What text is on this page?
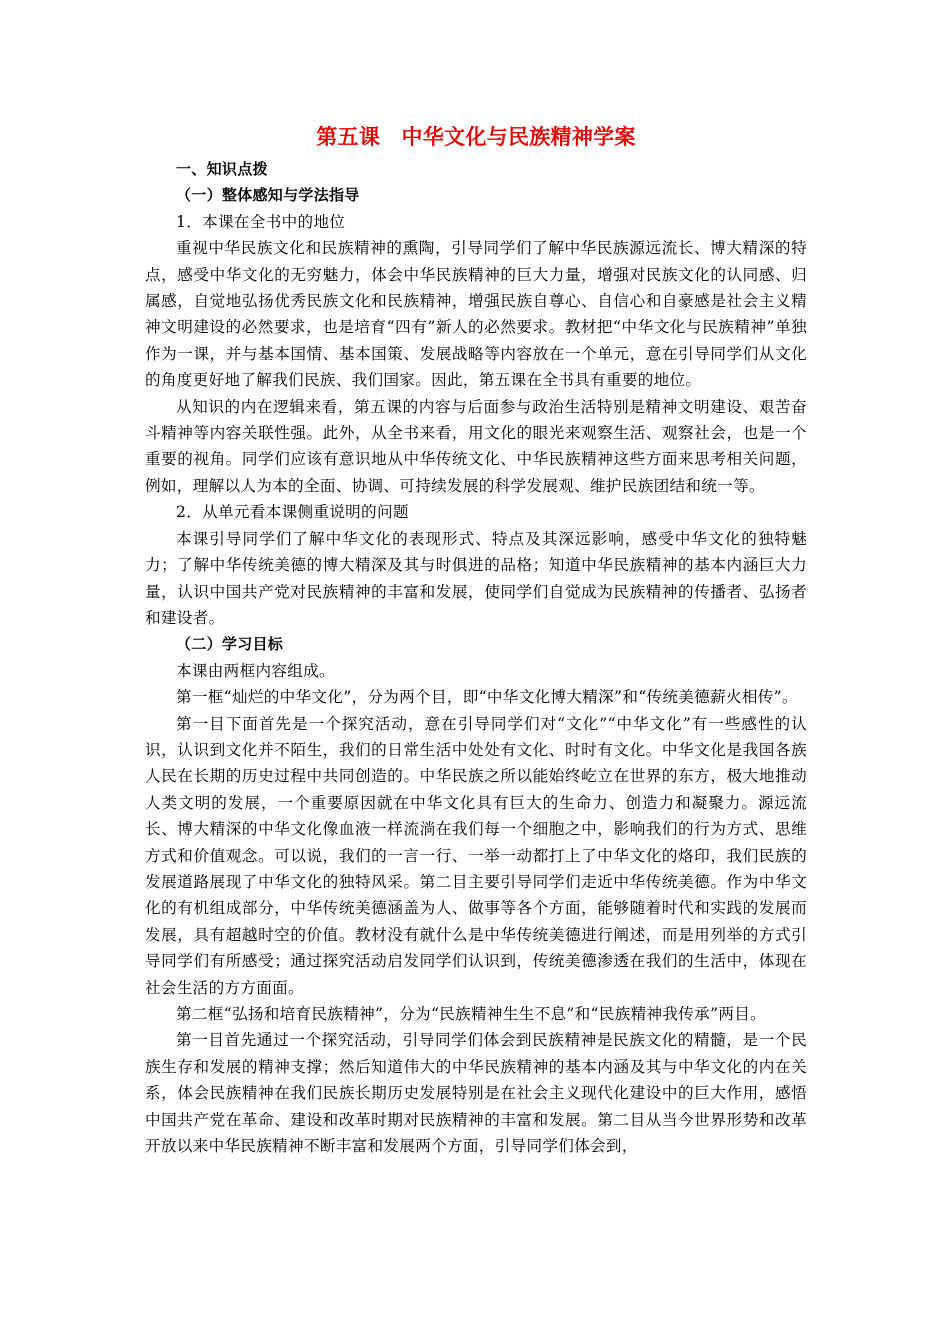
第五课　中华文化与民族精神学案
一、知识点拨
（一）整体感知与学法指导
1．本课在全书中的地位

重视中华民族文化和民族精神的熏陶，引导同学们了解中华民族源远流长、博大精深的特点，感受中华文化的无穷魅力，体会中华民族精神的巨大力量，增强对民族文化的认同感、归属感，自觉地弘扬优秀民族文化和民族精神，增强民族自尊心、自信心和自豪感是社会主义精神文明建设的必然要求，也是培育“四有”新人的必然要求。教材把“中华文化与民族精神”单独作为一课，并与基本国情、基本国策、发展战略等内容放在一个单元，意在引导同学们从文化的角度更好地了解我们民族、我们国家。因此，第五课在全书具有重要的地位。

从知识的内在逻辑来看，第五课的内容与后面参与政治生活特别是精神文明建设、艰苦奋斗精神等内容关联性强。此外，从全书来看，用文化的眼光来观察生活、观察社会，也是一个重要的视角。同学们应该有意识地从中华传统文化、中华民族精神这些方面来思考相关问题，例如，理解以人为本的全面、协调、可持续发展的科学发展观、维护民族团结和统一等。

2．从单元看本课侧重说明的问题

本课引导同学们了解中华文化的表现形式、特点及其深远影响，感受中华文化的独特魅力；了解中华传统美德的博大精深及其与时俱进的品格；知道中华民族精神的基本内涵巨大力量，认识中国共产党对民族精神的丰富和发展，使同学们自觉成为民族精神的传播者、弘扬者和建设者。

（二）学习目标

本课由两框内容组成。

第一框“灿烂的中华文化”，分为两个目，即“中华文化博大精深”和“传统美德薪火相传”。

第一目下面首先是一个探究活动，意在引导同学们对“文化”“中华文化”有一些感性的认识，认识到文化并不陌生，我们的日常生活中处处有文化、时时有文化。中华文化是我国各族人民在长期的历史过程中共同创造的。中华民族之所以能始终屹立在世界的东方，极大地推动人类文明的发展，一个重要原因就在中华文化具有巨大的生命力、创造力和凝聚力。源远流长、博大精深的中华文化像血液一样流淌在我们每一个细胞之中，影响我们的行为方式、思维方式和价值观念。可以说，我们的一言一行、一举一动都打上了中华文化的烙印，我们民族的发展道路展现了中华文化的独特风采。第二目主要引导同学们走近中华传统美德。作为中华文化的有机组成部分，中华传统美德涵盖为人、做事等各个方面，能够随着时代和实践的发展而发展，具有超越时空的价值。教材没有就什么是中华传统美德进行阐述，而是用列举的方式引导同学们有所感受；通过探究活动启发同学们认识到，传统美德渗透在我们的生活中，体现在社会生活的方方面面。

第二框“弘扬和培育民族精神”，分为“民族精神生生不息”和“民族精神我传承”两目。

第一目首先通过一个探究活动，引导同学们体会到民族精神是民族文化的精髓，是一个民族生存和发展的精神支撑；然后知道伟大的中华民族精神的基本内涵及其与中华文化的内在关系，体会民族精神在我们民族长期历史发展特别是在社会主义现代化建设中的巨大作用，感悟中国共产党在革命、建设和改革时期对民族精神的丰富和发展。第二目从当今世界形势和改革开放以来中华民族精神不断丰富和发展两个方面，引导同学们体会到，
